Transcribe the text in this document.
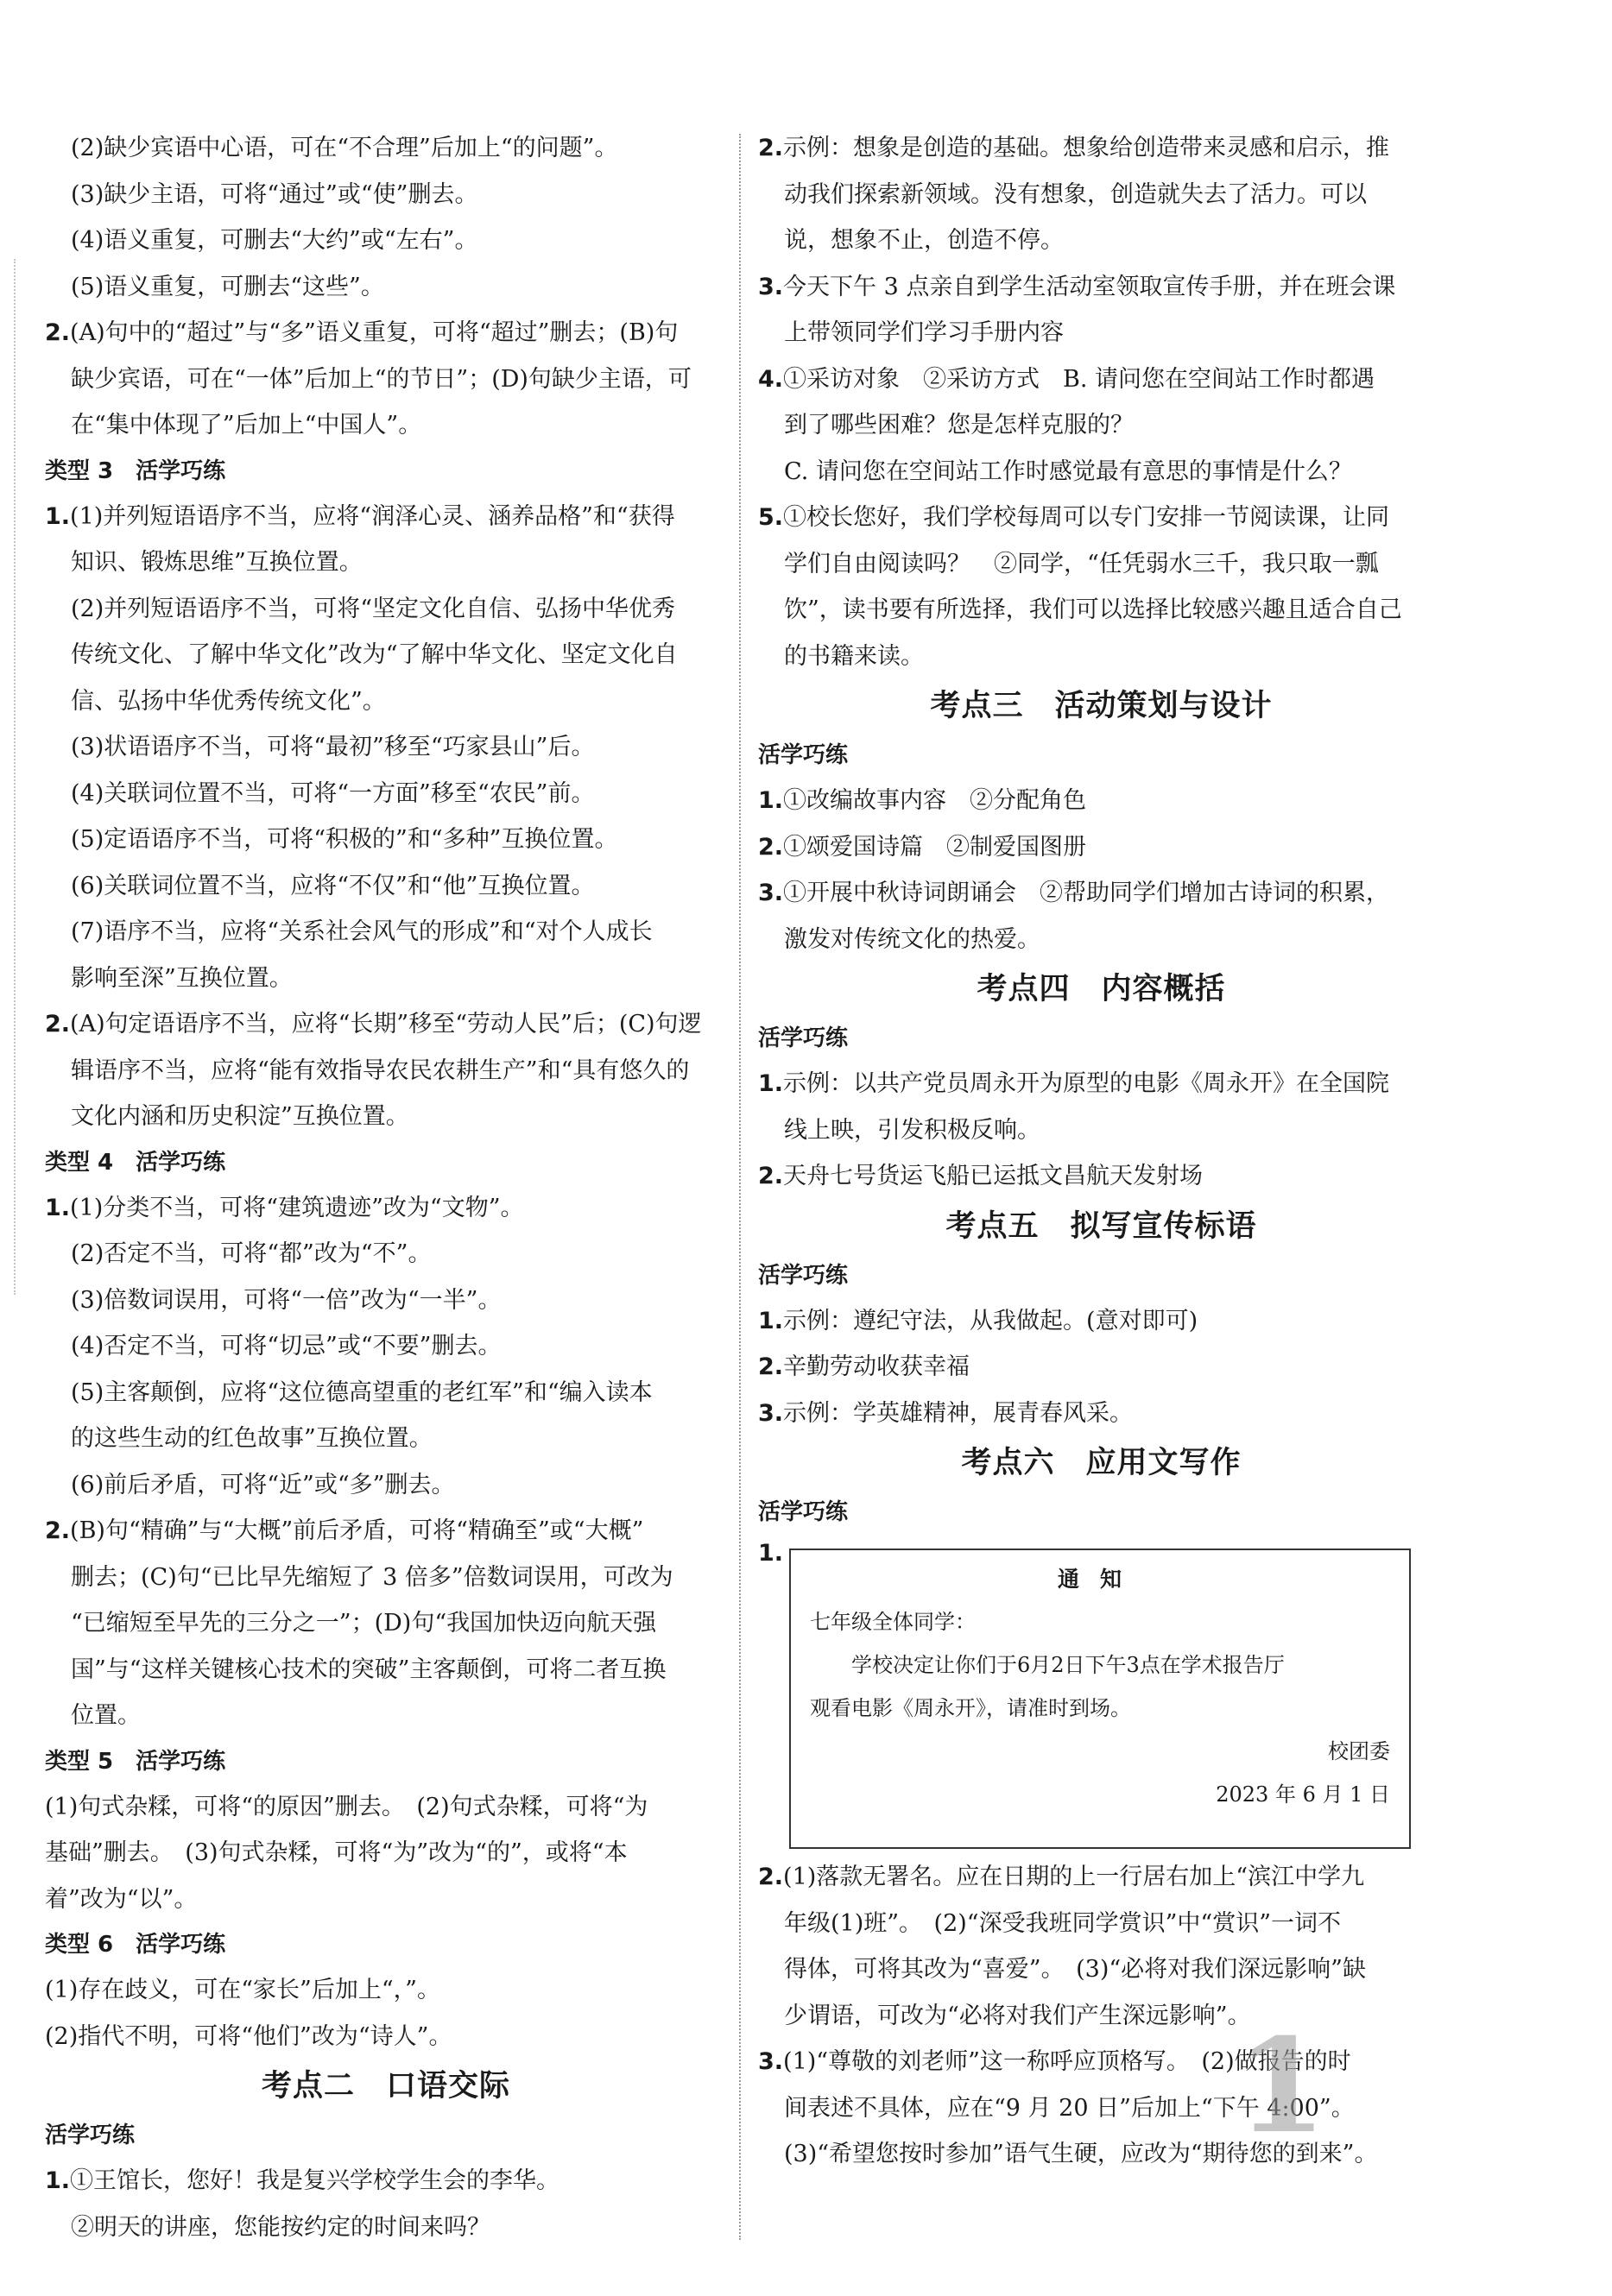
(2)缺少宾语中心语，可在“不合理”后加上“的问题”。
(3)缺少主语，可将“通过”或“使”删去。
(4)语义重复，可删去“大约”或“左右”。
(5)语义重复，可删去“这些”。
2.(A)句中的“超过”与“多”语义重复，可将“超过”删去；(B)句
缺少宾语，可在“一体”后加上“的节日”；(D)句缺少主语，可
在“集中体现了”后加上“中国人”。
类型 3　活学巧练
1.(1)并列短语语序不当，应将“润泽心灵、涵养品格”和“获得
知识、锻炼思维”互换位置。
(2)并列短语语序不当，可将“坚定文化自信、弘扬中华优秀
传统文化、了解中华文化”改为“了解中华文化、坚定文化自
信、弘扬中华优秀传统文化”。
(3)状语语序不当，可将“最初”移至“巧家县山”后。
(4)关联词位置不当，可将“一方面”移至“农民”前。
(5)定语语序不当，可将“积极的”和“多种”互换位置。
(6)关联词位置不当，应将“不仅”和“他”互换位置。
(7)语序不当，应将“关系社会风气的形成”和“对个人成长
影响至深”互换位置。
2.(A)句定语语序不当，应将“长期”移至“劳动人民”后；(C)句逻
辑语序不当，应将“能有效指导农民农耕生产”和“具有悠久的
文化内涵和历史积淀”互换位置。
类型 4　活学巧练
1.(1)分类不当，可将“建筑遗迹”改为“文物”。
(2)否定不当，可将“都”改为“不”。
(3)倍数词误用，可将“一倍”改为“一半”。
(4)否定不当，可将“切忌”或“不要”删去。
(5)主客颠倒，应将“这位德高望重的老红军”和“编入读本
的这些生动的红色故事”互换位置。
(6)前后矛盾，可将“近”或“多”删去。
2.(B)句“精确”与“大概”前后矛盾，可将“精确至”或“大概”
删去；(C)句“已比早先缩短了 3 倍多”倍数词误用，可改为
“已缩短至早先的三分之一”；(D)句“我国加快迈向航天强
国”与“这样关键核心技术的突破”主客颠倒，可将二者互换
位置。
类型 5　活学巧练
(1)句式杂糅，可将“的原因”删去。　(2)句式杂糅，可将“为
基础”删去。　(3)句式杂糅，可将“为”改为“的”，或将“本
着”改为“以”。
类型 6　活学巧练
(1)存在歧义，可在“家长”后加上“，”。
(2)指代不明，可将“他们”改为“诗人”。
考点二　口语交际
活学巧练
1.①王馆长，您好！我是复兴学校学生会的李华。
②明天的讲座，您能按约定的时间来吗？
2.示例：想象是创造的基础。想象给创造带来灵感和启示，推
动我们探索新领域。没有想象，创造就失去了活力。可以
说，想象不止，创造不停。
3.今天下午 3 点亲自到学生活动室领取宣传手册，并在班会课
上带领同学们学习手册内容
4.①采访对象　②采访方式　B. 请问您在空间站工作时都遇
到了哪些困难？您是怎样克服的？
C. 请问您在空间站工作时感觉最有意思的事情是什么？
5.①校长您好，我们学校每周可以专门安排一节阅读课，让同
学们自由阅读吗？　②同学，“任凭弱水三千，我只取一瓢
饮”，读书要有所选择，我们可以选择比较感兴趣且适合自己
的书籍来读。
考点三　活动策划与设计
活学巧练
1.①改编故事内容　②分配角色
2.①颂爱国诗篇　②制爱国图册
3.①开展中秋诗词朗诵会　②帮助同学们增加古诗词的积累，
激发对传统文化的热爱。
考点四　内容概括
活学巧练
1.示例：以共产党员周永开为原型的电影《周永开》在全国院
线上映，引发积极反响。
2.天舟七号货运飞船已运抵文昌航天发射场
考点五　拟写宣传标语
活学巧练
1.示例：遵纪守法，从我做起。(意对即可)
2.辛勤劳动收获幸福
3.示例：学英雄精神，展青春风采。
考点六　应用文写作
活学巧练
1.
通知
七年级全体同学：
学校决定让你们于6月2日下午3点在学术报告厅
观看电影《周永开》，请准时到场。
校团委
2023 年 6 月 1 日
2.(1)落款无署名。应在日期的上一行居右加上“滨江中学九
年级(1)班”。　(2)“深受我班同学赏识”中“赏识”一词不
得体，可将其改为“喜爱”。　(3)“必将对我们深远影响”缺
少谓语，可改为“必将对我们产生深远影响”。
3.(1)“尊敬的刘老师”这一称呼应顶格写。　(2)做报告的时
间表述不具体，应在“9 月 20 日”后加上“下午 4:00”。
(3)“希望您按时参加”语气生硬，应改为“期待您的到来”。
1
